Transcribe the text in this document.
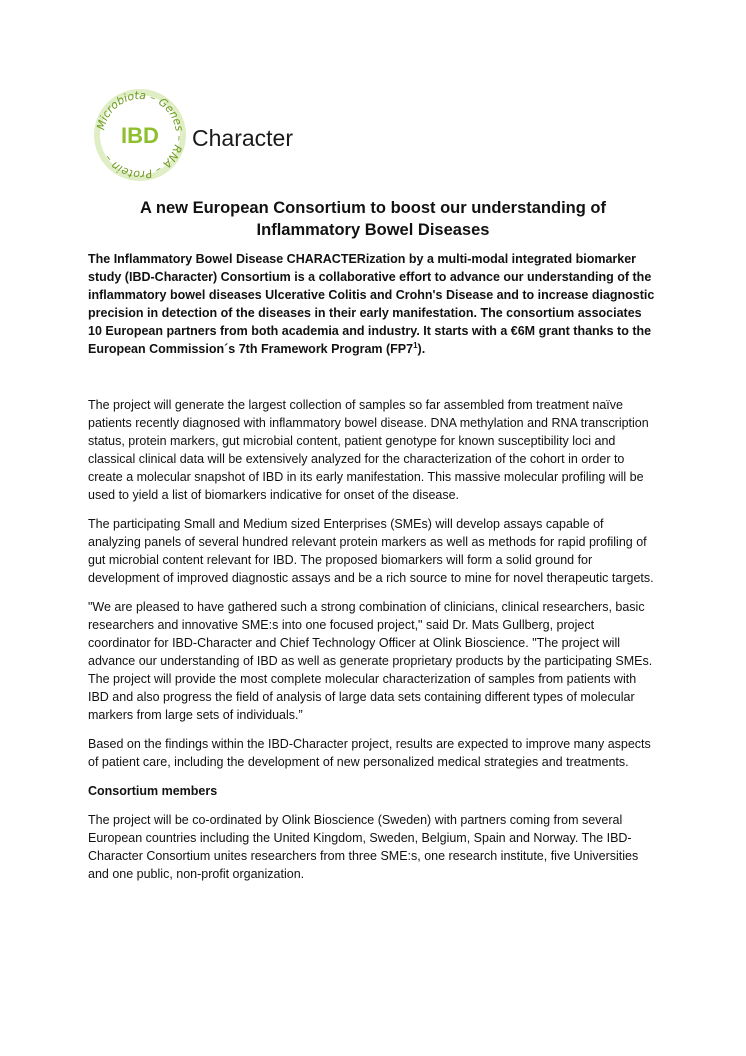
Microbiota – Genes – RNA – Protein –
IBD Character
A new European Consortium to boost our understanding of
Inflammatory Bowel Diseases

The Inflammatory Bowel Disease CHARACTERization by a multi-modal integrated biomarker study (IBD-Character) Consortium is a collaborative effort to advance our understanding of the inflammatory bowel diseases Ulcerative Colitis and Crohn's Disease and to increase diagnostic precision in detection of the diseases in their early manifestation. The consortium associates 10 European partners from both academia and industry. It starts with a €6M grant thanks to the European Commission´s 7th Framework Program $(FP7^1)$.

The project will generate the largest collection of samples so far assembled from treatment naïve patients recently diagnosed with inflammatory bowel disease. DNA methylation and RNA transcription status, protein markers, gut microbial content, patient genotype for known susceptibility loci and classical clinical data will be extensively analyzed for the characterization of the cohort in order to create a molecular snapshot of IBD in its early manifestation. This massive molecular profiling will be used to yield a list of biomarkers indicative for onset of the disease.

The participating Small and Medium sized Enterprises (SMEs) will develop assays capable of analyzing panels of several hundred relevant protein markers as well as methods for rapid profiling of gut microbial content relevant for IBD. The proposed biomarkers will form a solid ground for development of improved diagnostic assays and be a rich source to mine for novel therapeutic targets.

"We are pleased to have gathered such a strong combination of clinicians, clinical researchers, basic researchers and innovative SME:s into one focused project," said Dr. Mats Gullberg, project coordinator for IBD-Character and Chief Technology Officer at Olink Bioscience. "The project will advance our understanding of IBD as well as generate proprietary products by the participating SMEs. The project will provide the most complete molecular characterization of samples from patients with IBD and also progress the field of analysis of large data sets containing different types of molecular markers from large sets of individuals.”

Based on the findings within the IBD-Character project, results are expected to improve many aspects of patient care, including the development of new personalized medical strategies and treatments.

Consortium members

The project will be co-ordinated by Olink Bioscience (Sweden) with partners coming from several European countries including the United Kingdom, Sweden, Belgium, Spain and Norway. The IBD-Character Consortium unites researchers from three SME:s, one research institute, five Universities and one public, non-profit organization.
